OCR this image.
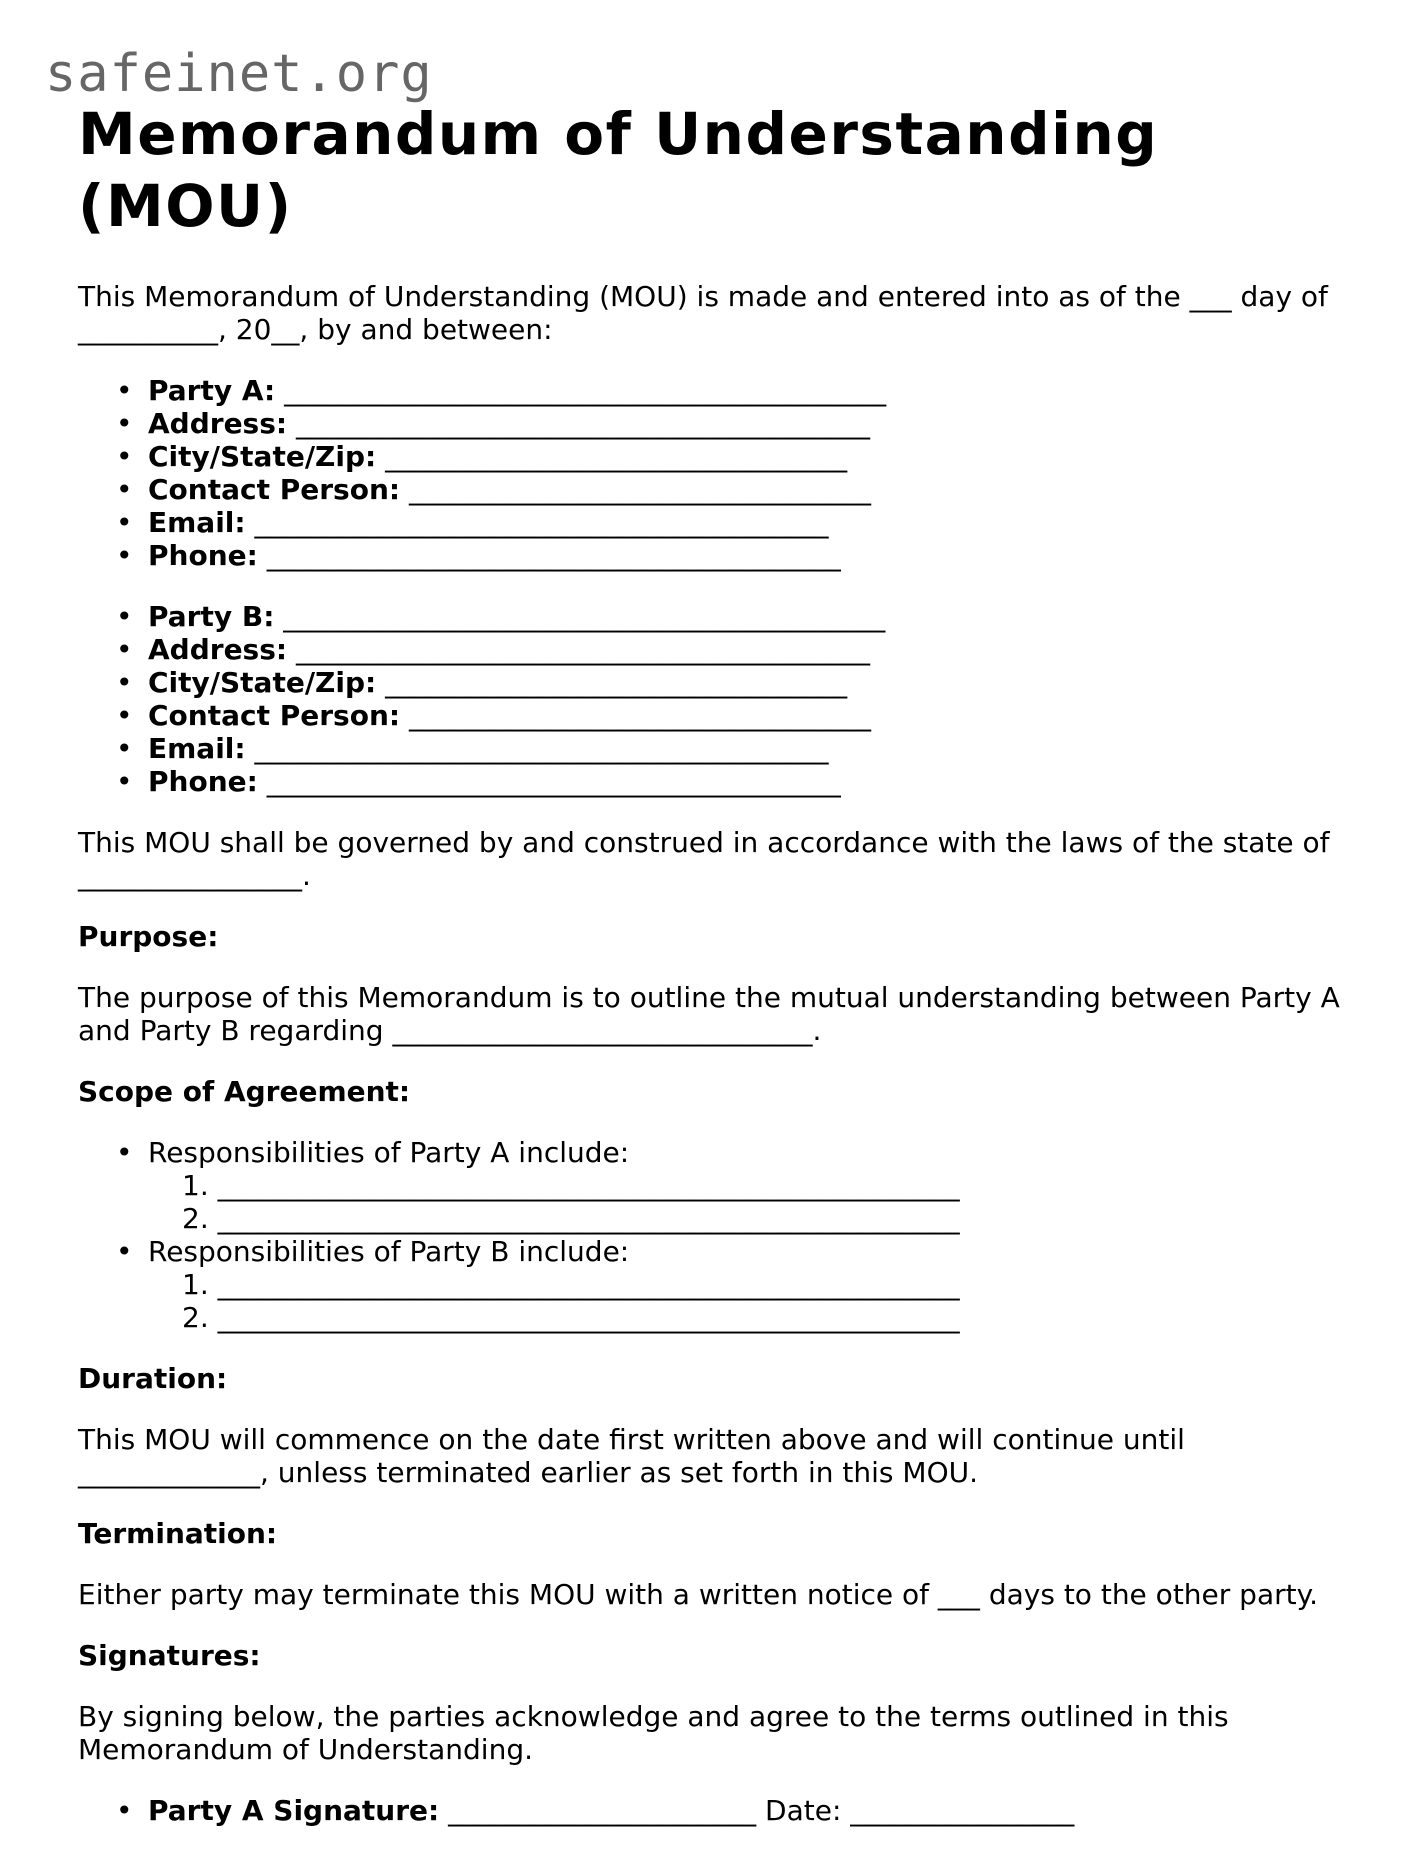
safeinet.org
Memorandum of Understanding (MOU)

This Memorandum of Understanding (MOU) is made and entered into as of the ___ day of
__________, 20__, by and between:

• Party A: ___________________________________________
• Address: _________________________________________
• City/State/Zip: _________________________________
• Contact Person: _________________________________
• Email: _________________________________________
• Phone: _________________________________________
• Party B: ___________________________________________
• Address: _________________________________________
• City/State/Zip: _________________________________
• Contact Person: _________________________________
• Email: _________________________________________
• Phone: _________________________________________

This MOU shall be governed by and construed in accordance with the laws of the state of
________________.

Purpose:

The purpose of this Memorandum is to outline the mutual understanding between Party A
and Party B regarding ______________________________.

Scope of Agreement:

• Responsibilities of Party A include:
1. _____________________________________________________
2. _____________________________________________________
• Responsibilities of Party B include:
1. _____________________________________________________
2. _____________________________________________________

Duration:

This MOU will commence on the date first written above and will continue until
_____________, unless terminated earlier as set forth in this MOU.

Termination:

Either party may terminate this MOU with a written notice of ___ days to the other party.

Signatures:

By signing below, the parties acknowledge and agree to the terms outlined in this
Memorandum of Understanding.

• Party A Signature: ______________________ Date: ________________
